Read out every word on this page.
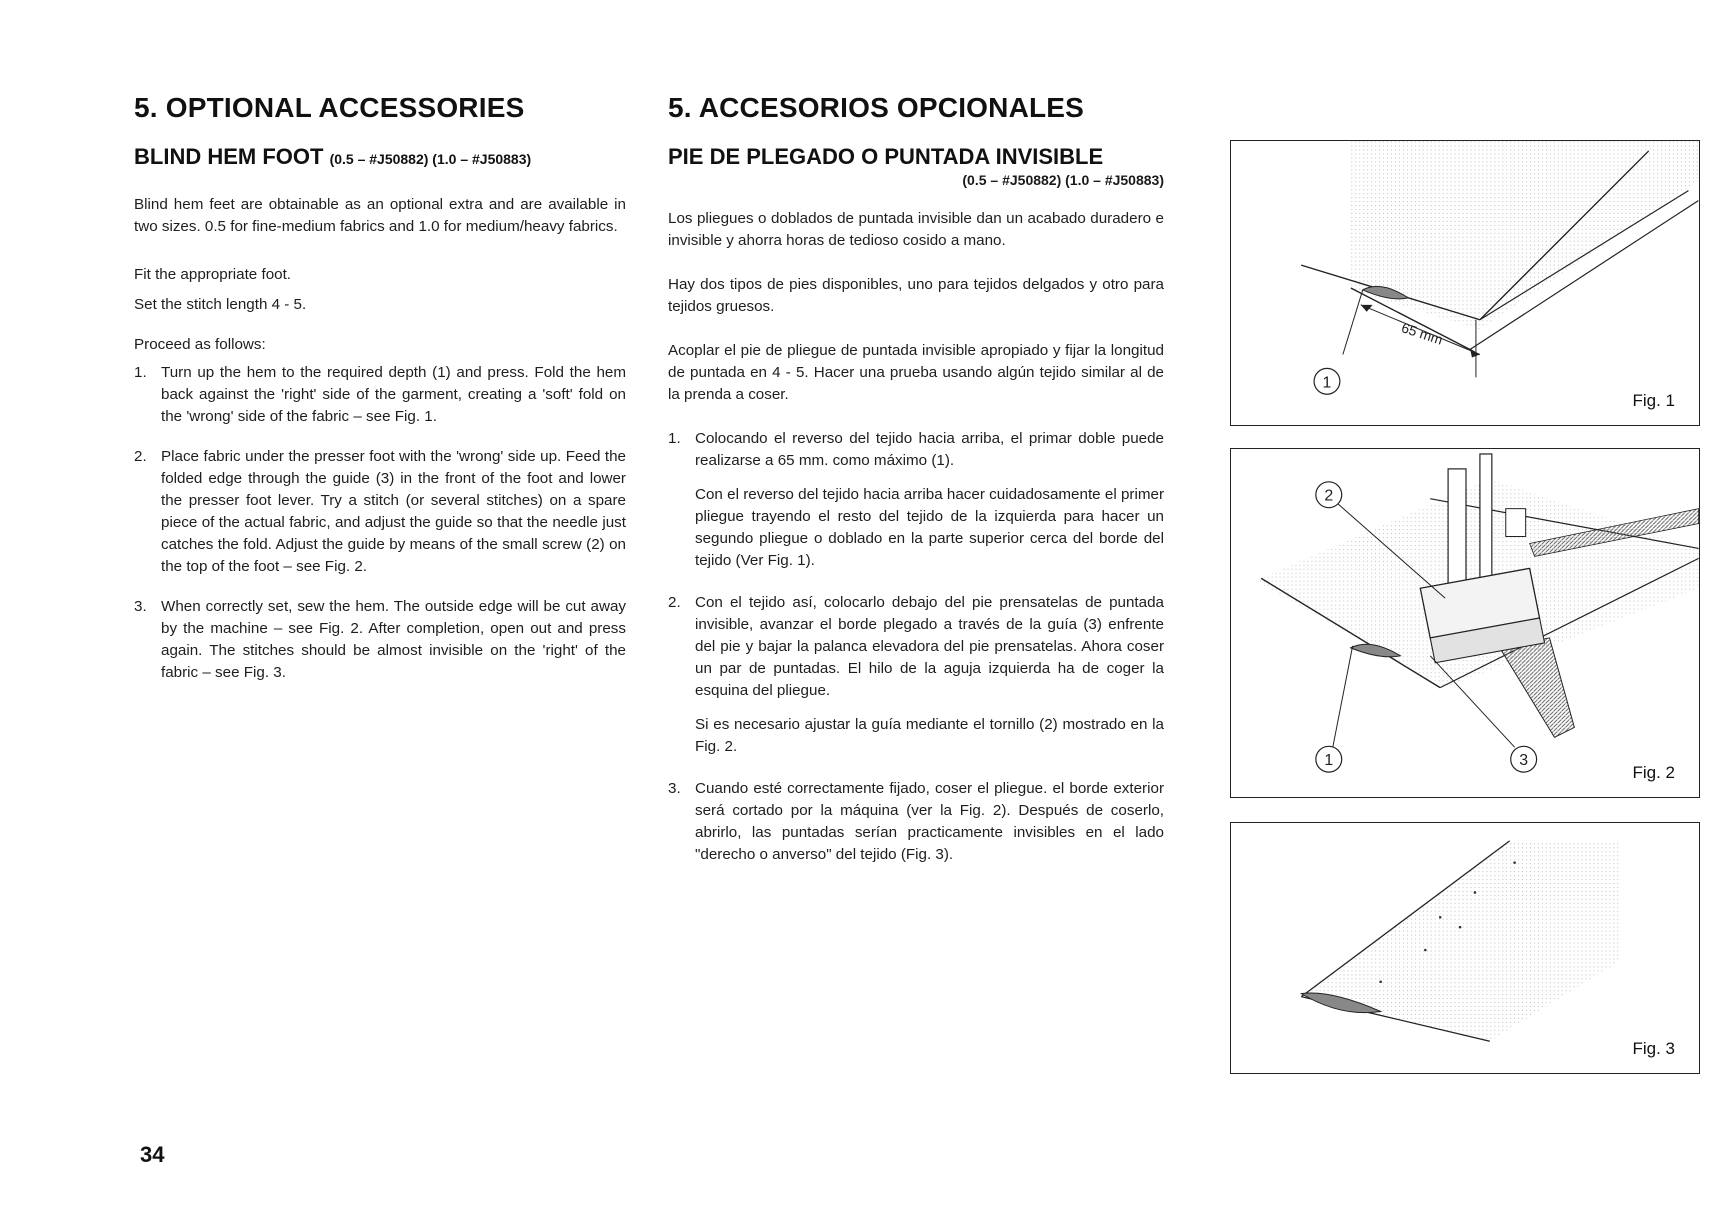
5. OPTIONAL ACCESSORIES
BLIND HEM FOOT (0.5 – #J50882) (1.0 – #J50883)

Blind hem feet are obtainable as an optional extra and are available in two sizes. 0.5 for fine-medium fabrics and 1.0 for medium/heavy fabrics.

Fit the appropriate foot.

Set the stitch length 4 - 5.

Proceed as follows:

1. Turn up the hem to the required depth (1) and press. Fold the hem back against the 'right' side of the garment, creating a 'soft' fold on the 'wrong' side of the fabric – see Fig. 1.
2. Place fabric under the presser foot with the 'wrong' side up. Feed the folded edge through the guide (3) in the front of the foot and lower the presser foot lever. Try a stitch (or several stitches) on a spare piece of the actual fabric, and adjust the guide so that the needle just catches the fold. Adjust the guide by means of the small screw (2) on the top of the foot – see Fig. 2.
3. When correctly set, sew the hem. The outside edge will be cut away by the machine – see Fig. 2. After completion, open out and press again. The stitches should be almost invisible on the 'right' of the fabric – see Fig. 3.
5. ACCESORIOS OPCIONALES
PIE DE PLEGADO O PUNTADA INVISIBLE
(0.5 – #J50882) (1.0 – #J50883)

Los pliegues o doblados de puntada invisible dan un acabado duradero e invisible y ahorra horas de tedioso cosido a mano.

Hay dos tipos de pies disponibles, uno para tejidos delgados y otro para tejidos gruesos.

Acoplar el pie de pliegue de puntada invisible apropiado y fijar la longitud de puntada en 4 - 5. Hacer una prueba usando algún tejido similar al de la prenda a coser.

1. Colocando el reverso del tejido hacia arriba, el primar doble puede realizarse a 65 mm. como máximo (1).

Con el reverso del tejido hacia arriba hacer cuidadosamente el primer pliegue trayendo el resto del tejido de la izquierda para hacer un segundo pliegue o doblado en la parte superior cerca del borde del tejido (Ver Fig. 1).

2. Con el tejido así, colocarlo debajo del pie prensatelas de puntada invisible, avanzar el borde plegado a través de la guía (3) enfrente del pie y bajar la palanca elevadora del pie prensatelas. Ahora coser un par de puntadas. El hilo de la aguja izquierda ha de coger la esquina del pliegue.

Si es necesario ajustar la guía mediante el tornillo (2) mostrado en la Fig. 2.

3. Cuando esté correctamente fijado, coser el pliegue. el borde exterior será cortado por la máquina (ver la Fig. 2). Después de coserlo, abrirlo, las puntadas serían practicamente invisibles en el lado "derecho o anverso" del tejido (Fig. 3).
65 mm
1
Fig. 1
2
1	3
Fig. 2
Fig. 3
34
